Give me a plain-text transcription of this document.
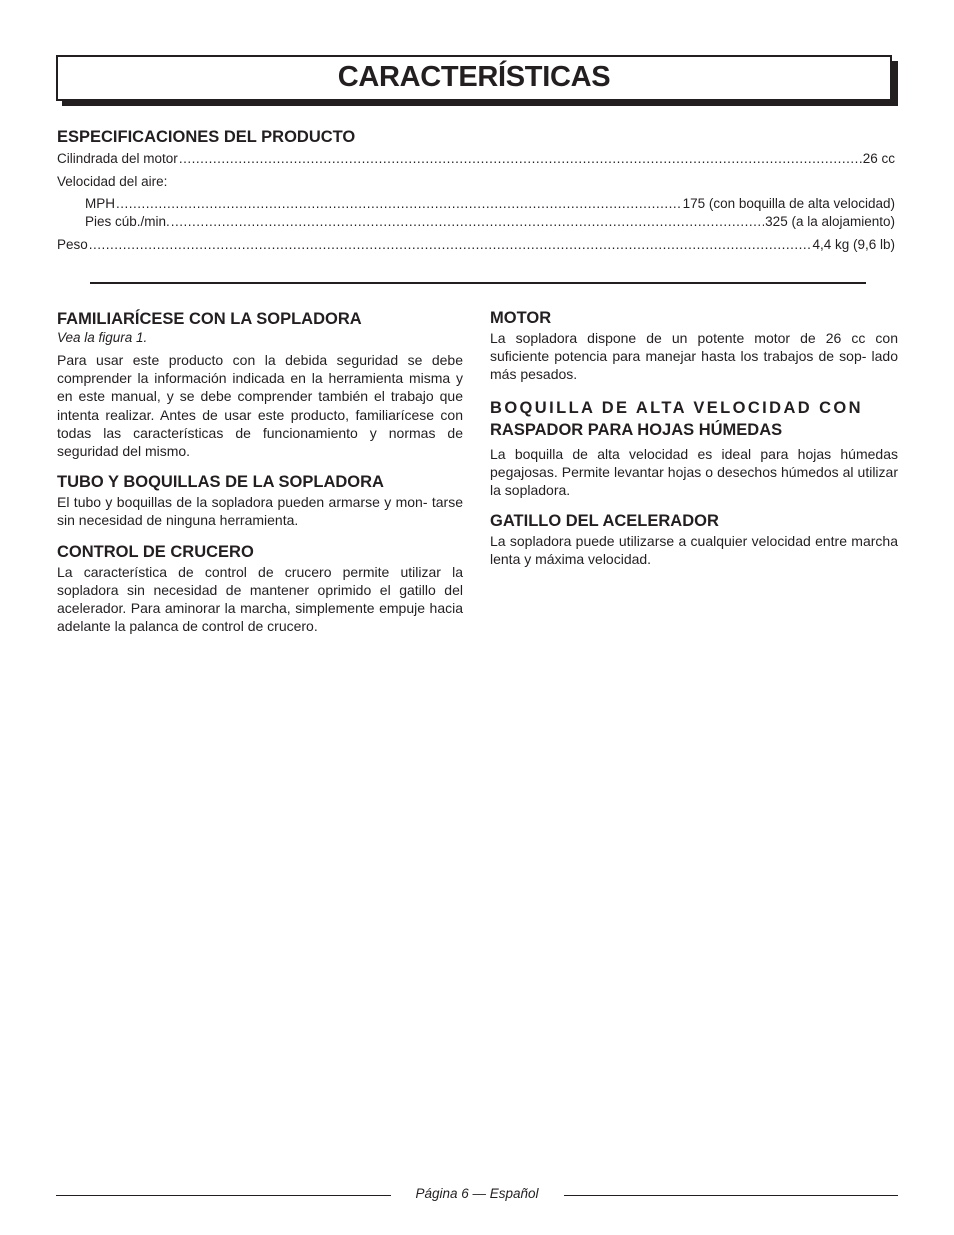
CARACTERÍSTICAS
ESPECIFICACIONES DEL PRODUCTO
Cilindrada del motor .....	26 cc
Velocidad del aire:
MPH .....	175 (con boquilla de alta velocidad)
Pies cúb./min. .....	325 (a la alojamiento)
Peso .....	4,4 kg (9,6 lb)
FAMILIARÍCESE CON LA SOPLADORA
Vea la figura 1.

Para usar este producto con la debida seguridad se debe comprender la información indicada en la herramienta misma y en este manual, y se debe comprender también el trabajo que intenta realizar. Antes de usar este producto, familiarícese con todas las características de funcionamiento y normas de seguridad del mismo.

TUBO Y BOQUILLAS DE LA SOPLADORA

El tubo y boquillas de la sopladora pueden armarse y mon- tarse sin necesidad de ninguna herramienta.

CONTROL DE CRUCERO

La característica de control de crucero permite utilizar la sopladora sin necesidad de mantener oprimido el gatillo del acelerador. Para aminorar la marcha, simplemente empuje hacia adelante la palanca de control de crucero.

MOTOR

La sopladora dispone de un potente motor de 26 cc con suficiente potencia para manejar hasta los trabajos de sop- lado más pesados.

BOQUILLA DE ALTA VELOCIDAD CON
RASPADOR PARA HOJAS HÚMEDAS

La boquilla de alta velocidad es ideal para hojas húmedas pegajosas. Permite levantar hojas o desechos húmedos al utilizar la sopladora.

GATILLO DEL ACELERADOR

La sopladora puede utilizarse a cualquier velocidad entre marcha lenta y máxima velocidad.

Página 6 — Español
